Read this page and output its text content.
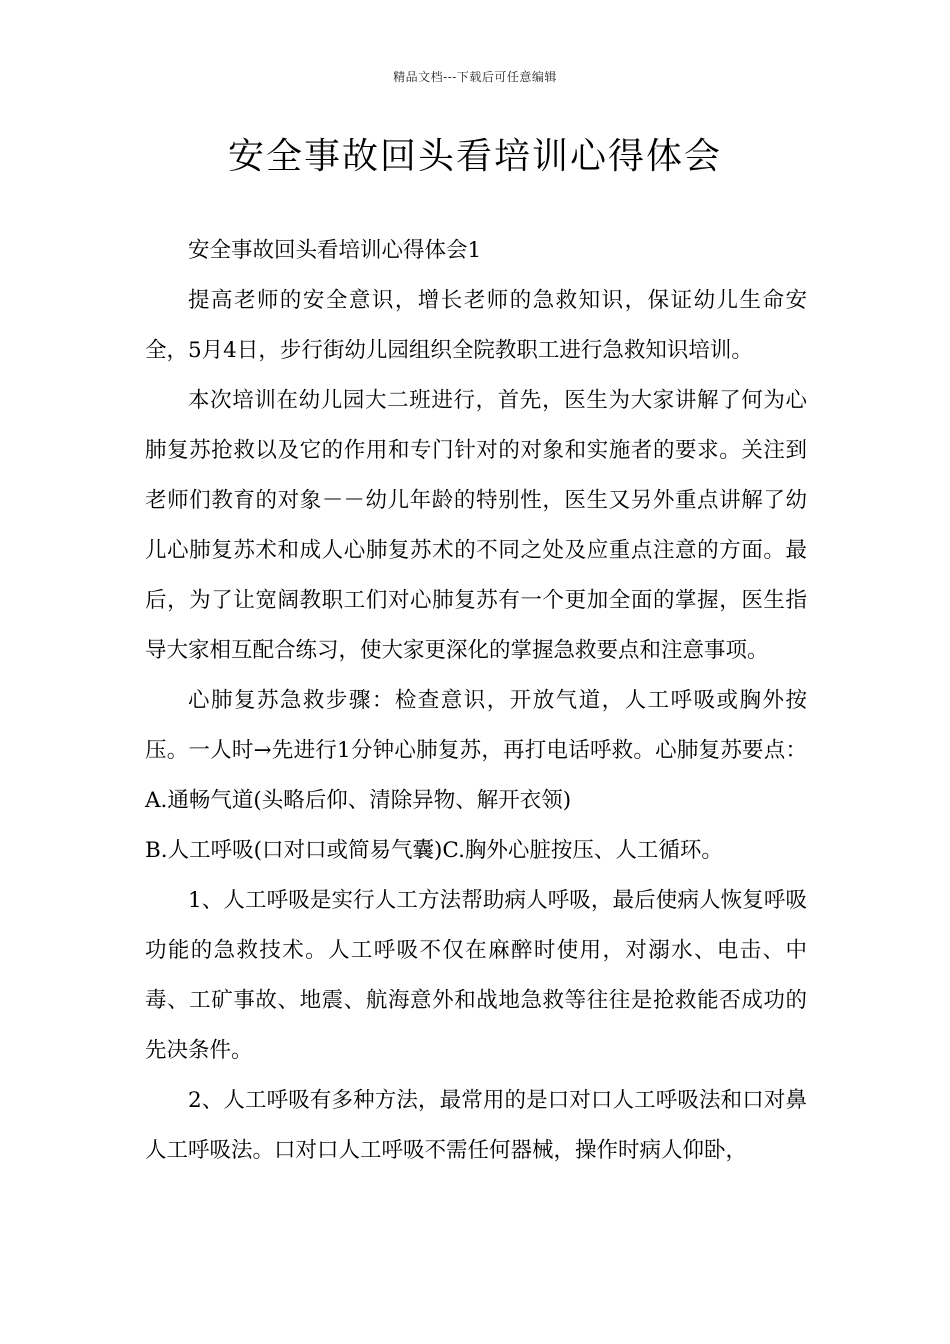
精品文档---下载后可任意编辑
安全事故回头看培训心得体会

安全事故回头看培训心得体会1

提高老师的安全意识，增长老师的急救知识，保证幼儿生命安全，5月4日，步行街幼儿园组织全院教职工进行急救知识培训。

本次培训在幼儿园大二班进行，首先，医生为大家讲解了何为心肺复苏抢救以及它的作用和专门针对的对象和实施者的要求。关注到老师们教育的对象－－幼儿年龄的特别性，医生又另外重点讲解了幼儿心肺复苏术和成人心肺复苏术的不同之处及应重点注意的方面。最后，为了让宽阔教职工们对心肺复苏有一个更加全面的掌握，医生指导大家相互配合练习，使大家更深化的掌握急救要点和注意事项。

心肺复苏急救步骤：检查意识，开放气道，人工呼吸或胸外按压。一人时→先进行1分钟心肺复苏，再打电话呼救。心肺复苏要点：A.通畅气道(头略后仰、清除异物、解开衣领)

B.人工呼吸(口对口或简易气囊)C.胸外心脏按压、人工循环。

1、人工呼吸是实行人工方法帮助病人呼吸，最后使病人恢复呼吸功能的急救技术。人工呼吸不仅在麻醉时使用，对溺水、电击、中毒、工矿事故、地震、航海意外和战地急救等往往是抢救能否成功的先决条件。

2、人工呼吸有多种方法，最常用的是口对口人工呼吸法和口对鼻人工呼吸法。口对口人工呼吸不需任何器械，操作时病人仰卧，
